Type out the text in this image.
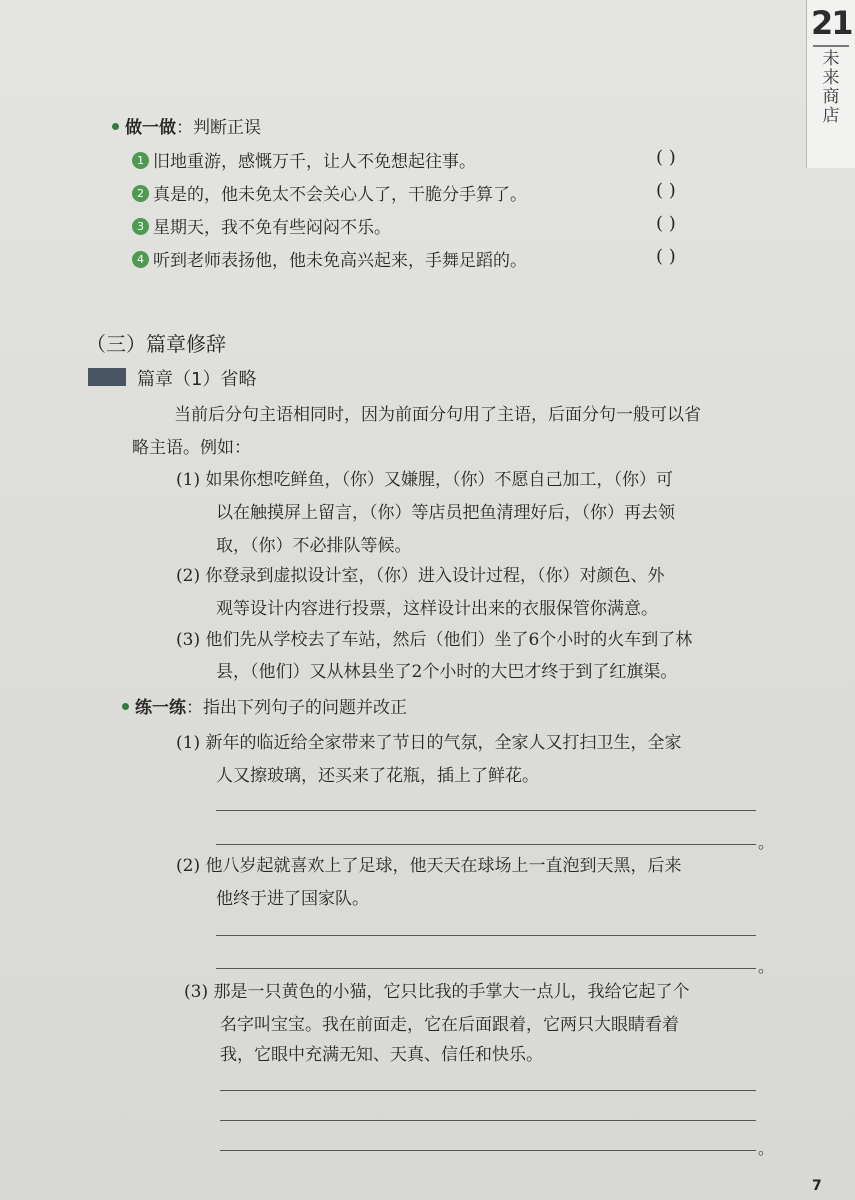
21
未来商店
做一做：判断正误
1 旧地重游，感慨万千，让人不免想起往事。	( )
2 真是的，他未免太不会关心人了，干脆分手算了。	( )
3 星期天，我不免有些闷闷不乐。	( )
4 听到老师表扬他，他未免高兴起来，手舞足蹈的。	( )
（三）篇章修辞
篇章（1）省略
当前后分句主语相同时，因为前面分句用了主语，后面分句一般可以省
略主语。例如：
(1) 如果你想吃鲜鱼，（你）又嫌腥，（你）不愿自己加工，（你）可
以在触摸屏上留言，（你）等店员把鱼清理好后，（你）再去领
取，（你）不必排队等候。
(2) 你登录到虚拟设计室，（你）进入设计过程，（你）对颜色、外
观等设计内容进行投票，这样设计出来的衣服保管你满意。
(3) 他们先从学校去了车站，然后（他们）坐了6个小时的火车到了林
县，（他们）又从林县坐了2个小时的大巴才终于到了红旗渠。
练一练：指出下列句子的问题并改正
(1) 新年的临近给全家带来了节日的气氛，全家人又打扫卫生，全家
人又擦玻璃，还买来了花瓶，插上了鲜花。
。
(2) 他八岁起就喜欢上了足球，他天天在球场上一直泡到天黑，后来
他终于进了国家队。
。
(3) 那是一只黄色的小猫，它只比我的手掌大一点儿，我给它起了个
名字叫宝宝。我在前面走，它在后面跟着，它两只大眼睛看着
我，它眼中充满无知、天真、信任和快乐。
。
7
